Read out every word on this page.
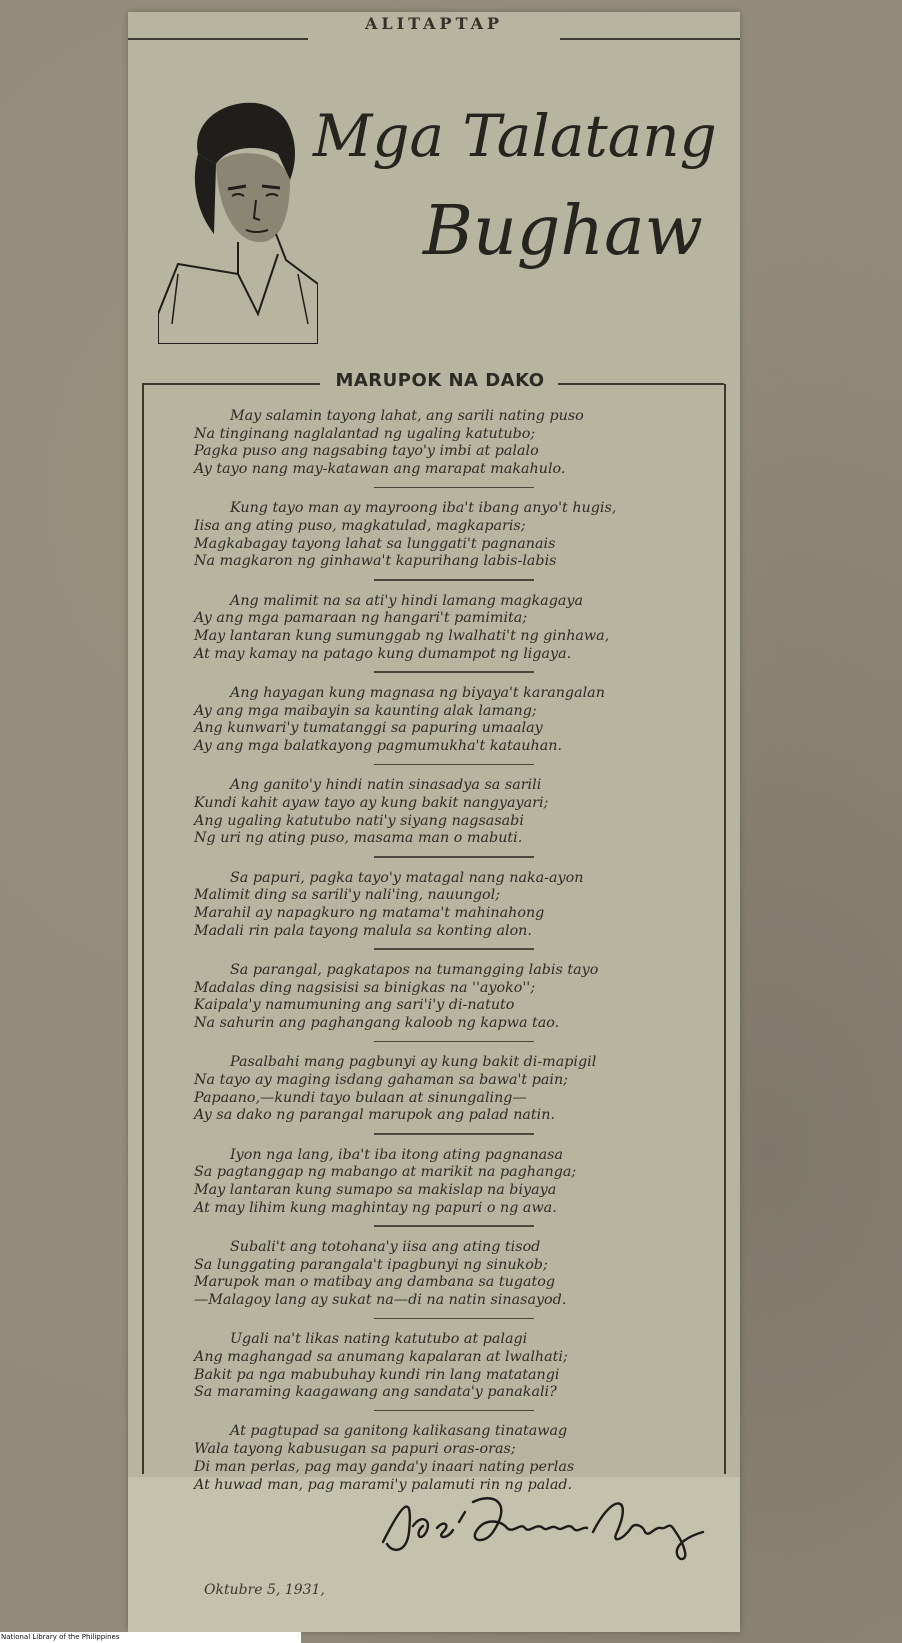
ALITAPTAP
Mga Talatang
Bughaw
MARUPOK NA DAKO
May salamin tayong lahat, ang sarili nating puso
Na tinginang naglalantad ng ugaling katutubo;
Pagka puso ang nagsabing tayo'y imbi at palalo
Ay tayo nang may-katawan ang marapat makahulo.
Kung tayo man ay mayroong iba't ibang anyo't hugis,
Iisa ang ating puso, magkatulad, magkaparis;
Magkabagay tayong lahat sa lunggati't pagnanais
Na magkaron ng ginhawa't kapurihang labis-labis
Ang malimit na sa ati'y hindi lamang magkagaya
Ay ang mga pamaraan ng hangari't pamimita;
May lantaran kung sumunggab ng lwalhati't ng ginhawa,
At may kamay na patago kung dumampot ng ligaya.
Ang hayagan kung magnasa ng biyaya't karangalan
Ay ang mga maibayin sa kaunting alak lamang;
Ang kunwari'y tumatanggi sa papuring umaalay
Ay ang mga balatkayong pagmumukha't katauhan.
Ang ganito'y hindi natin sinasadya sa sarili
Kundi kahit ayaw tayo ay kung bakit nangyayari;
Ang ugaling katutubo nati'y siyang nagsasabi
Ng uri ng ating puso, masama man o mabuti.
Sa papuri, pagka tayo'y matagal nang naka-ayon
Malimit ding sa sarili'y nali'ing, nauungol;
Marahil ay napagkuro ng matama't mahinahong
Madali rin pala tayong malula sa konting alon.
Sa parangal, pagkatapos na tumangging labis tayo
Madalas ding nagsisisi sa binigkas na ''ayoko'';
Kaipala'y namumuning ang sari'i'y di-natuto
Na sahurin ang paghangang kaloob ng kapwa tao.
Pasalbahi mang pagbunyi ay kung bakit di-mapigil
Na tayo ay maging isdang gahaman sa bawa't pain;
Papaano,—kundi tayo bulaan at sinungaling—
Ay sa dako ng parangal marupok ang palad natin.
Iyon nga lang, iba't iba itong ating pagnanasa
Sa pagtanggap ng mabango at marikit na paghanga;
May lantaran kung sumapo sa makislap na biyaya
At may lihim kung maghintay ng papuri o ng awa.
Subali't ang totohana'y iisa ang ating tisod
Sa lunggating parangala't ipagbunyi ng sinukob;
Marupok man o matibay ang dambana sa tugatog
—Malagoy lang ay sukat na—di na natin sinasayod.
Ugali na't likas nating katutubo at palagi
Ang maghangad sa anumang kapalaran at lwalhati;
Bakit pa nga mabubuhay kundi rin lang matatangi
Sa maraming kaagawang ang sandata'y panakali?
At pagtupad sa ganitong kalikasang tinatawag
Wala tayong kabusugan sa papuri oras-oras;
Di man perlas, pag may ganda'y inaari nating perlas
At huwad man, pag marami'y palamuti rin ng palad.
Oktubre 5, 1931,
National Library of the Philippines
